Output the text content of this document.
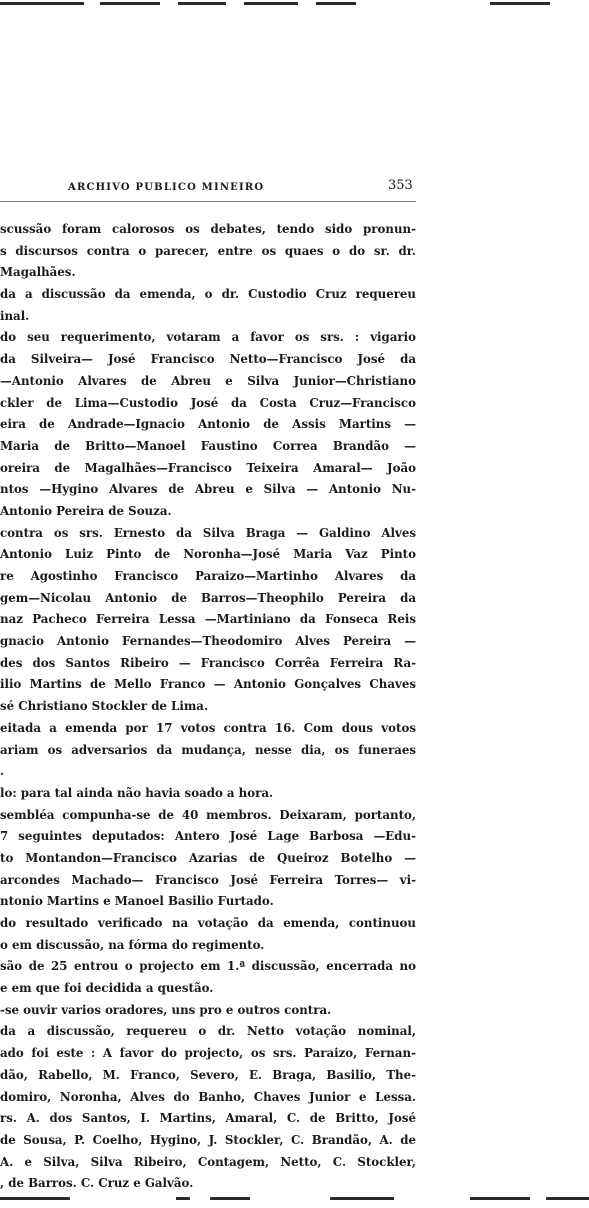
ARCHIVO PUBLICO MINEIRO	353
scussão foram calorosos os debates, tendo sido pronun-
s discursos contra o parecer, entre os quaes o do sr. dr.
Magalhães.
da a discussão da emenda, o dr. Custodio Cruz requereu
inal.
do seu requerimento, votaram a favor os srs. : vigario
da Silveira— José Francisco Netto—Francisco José da
—Antonio Alvares de Abreu e Silva Junior—Christiano
ckler de Lima—Custodio José da Costa Cruz—Francisco
eira de Andrade—Ignacio Antonio de Assis Martins —
Maria de Britto—Manoel Faustino Correa Brandão —
oreira de Magalhães—Francisco Teixeira Amaral— João
ntos —Hygino Alvares de Abreu e Silva — Antonio Nu-
Antonio Pereira de Souza.
contra os srs. Ernesto da Silva Braga — Galdino Alves
Antonio Luiz Pinto de Noronha—José Maria Vaz Pinto
re Agostinho Francisco Paraizo—Martinho Alvares da
gem—Nicolau Antonio de Barros—Theophilo Pereira da
naz Pacheco Ferreira Lessa —Martiniano da Fonseca Reis
gnacio Antonio Fernandes—Theodomiro Alves Pereira —
des dos Santos Ribeiro — Francisco Corrêa Ferreira Ra-
ilio Martins de Mello Franco — Antonio Gonçalves Chaves
sé Christiano Stockler de Lima.
eitada a emenda por 17 votos contra 16. Com dous votos
ariam os adversarios da mudança, nesse dia, os funeraes
.
lo: para tal ainda não havia soado a hora.
sembléa compunha-se de 40 membros. Deixaram, portanto,
7 seguintes deputados: Antero José Lage Barbosa —Edu-
to Montandon—Francisco Azarias de Queiroz Botelho —
arcondes Machado— Francisco José Ferreira Torres— vi-
ntonio Martins e Manoel Basilio Furtado.
do resultado verificado na votação da emenda, continuou
o em discussão, na fórma do regimento.
são de 25 entrou o projecto em 1.ª discussão, encerrada no
e em que foi decidida a questão.
-se ouvir varios oradores, uns pro e outros contra.
da a discussão, requereu o dr. Netto votação nominal,
ado foi este : A favor do projecto, os srs. Paraizo, Fernan-
dão, Rabello, M. Franco, Severo, E. Braga, Basilio, The-
domiro, Noronha, Alves do Banho, Chaves Junior e Lessa.
rs. A. dos Santos, I. Martins, Amaral, C. de Britto, José
de Sousa, P. Coelho, Hygino, J. Stockler, C. Brandão, A. de
A. e Silva, Silva Ribeiro, Contagem, Netto, C. Stockler,
, de Barros. C. Cruz e Galvão.
